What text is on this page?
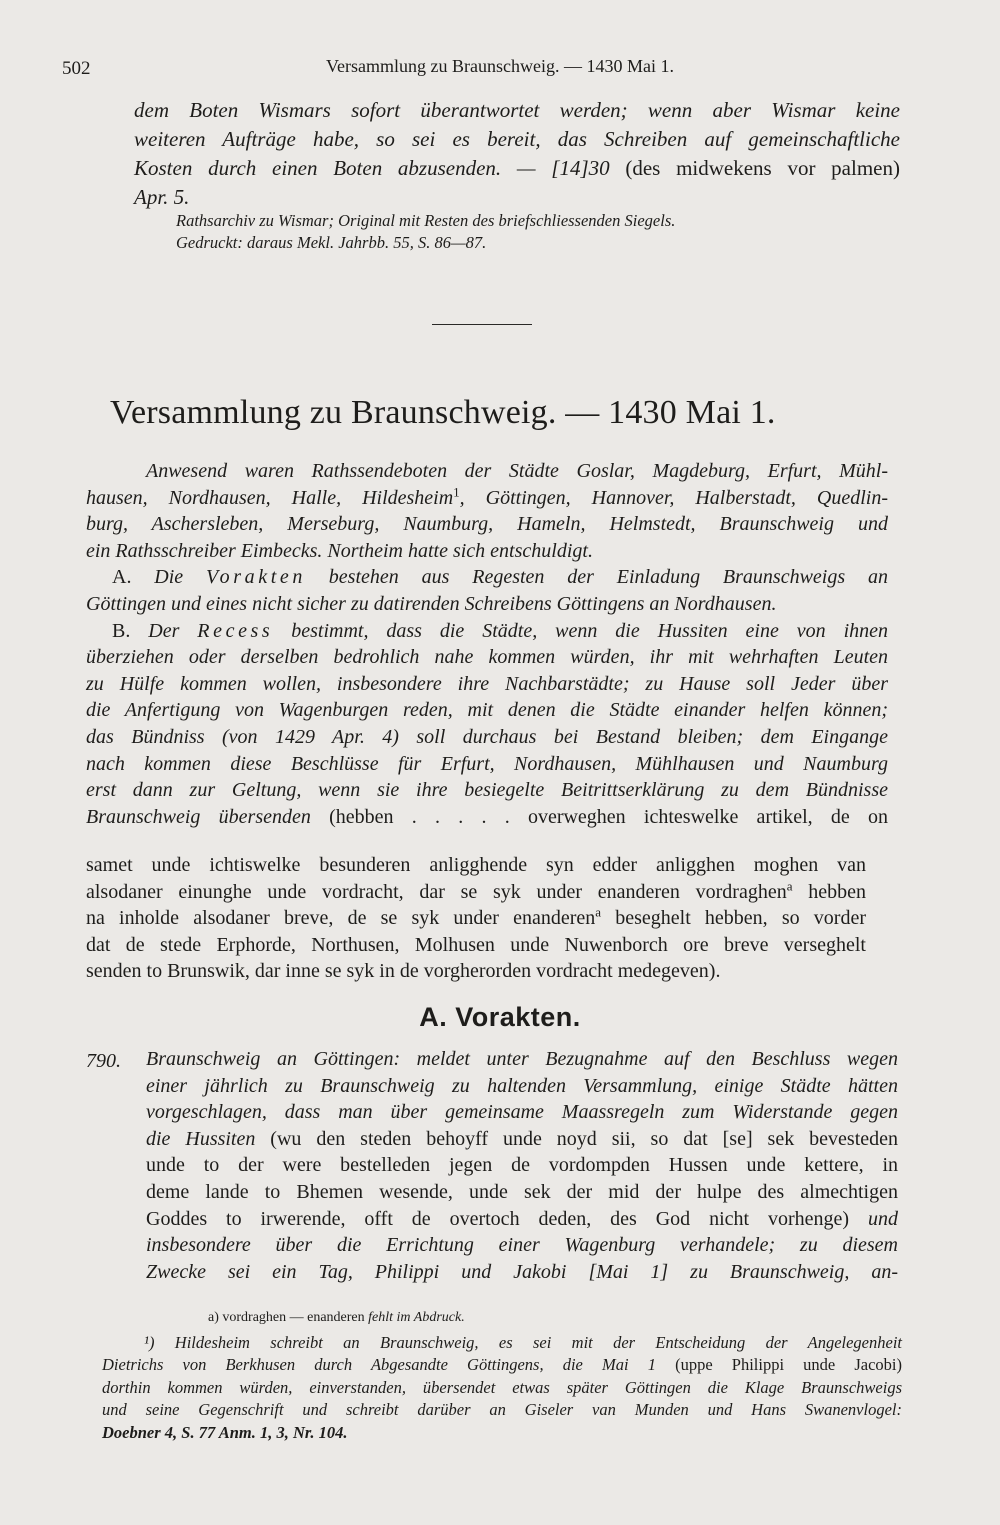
502	Versammlung zu Braunschweig. — 1430 Mai 1.
dem Boten Wismars sofort überantwortet werden; wenn aber Wismar keine
weiteren Aufträge habe, so sei es bereit, das Schreiben auf gemeinschaftliche
Kosten durch einen Boten abzusenden. — [14]30 (des midwekens vor palmen)
Apr. 5.
Rathsarchiv zu Wismar; Original mit Resten des briefschliessenden Siegels.
Gedruckt: daraus Mekl. Jahrbb. 55, S. 86—87.
Versammlung zu Braunschweig. — 1430 Mai 1.
Anwesend waren Rathssendeboten der Städte Goslar, Magdeburg, Erfurt, Mühl-
hausen, Nordhausen, Halle, Hildesheim$^1$, Göttingen, Hannover, Halberstadt, Quedlin-
burg, Aschersleben, Merseburg, Naumburg, Hameln, Helmstedt, Braunschweig und
ein Rathsschreiber Eimbecks. Northeim hatte sich entschuldigt.
A. Die Vorakten bestehen aus Regesten der Einladung Braunschweigs an
Göttingen und eines nicht sicher zu datirenden Schreibens Göttingens an Nordhausen.
B. Der Recess bestimmt, dass die Städte, wenn die Hussiten eine von ihnen
überziehen oder derselben bedrohlich nahe kommen würden, ihr mit wehrhaften Leuten
zu Hülfe kommen wollen, insbesondere ihre Nachbarstädte; zu Hause soll Jeder über
die Anfertigung von Wagenburgen reden, mit denen die Städte einander helfen können;
das Bündniss (von 1429 Apr. 4) soll durchaus bei Bestand bleiben; dem Eingange
nach kommen diese Beschlüsse für Erfurt, Nordhausen, Mühlhausen und Naumburg
erst dann zur Geltung, wenn sie ihre besiegelte Beitrittserklärung zu dem Bündnisse
Braunschweig übersenden (hebben . . . . . overweghen ichteswelke artikel, de on
samet unde ichtiswelke besunderen anligghende syn edder anligghen moghen van
alsodaner einunghe unde vordracht, dar se syk under enanderen vordraghen$^a$ hebben
na inholde alsodaner breve, de se syk under enanderen$^a$ beseghelt hebben, so vorder
dat de stede Erphorde, Northusen, Molhusen unde Nuwenborch ore breve verseghelt
senden to Brunswik, dar inne se syk in de vorgherorden vordracht medegeven).
A. Vorakten.
790. Braunschweig an Göttingen: meldet unter Bezugnahme auf den Beschluss wegen
einer jährlich zu Braunschweig zu haltenden Versammlung, einige Städte hätten
vorgeschlagen, dass man über gemeinsame Maassregeln zum Widerstande gegen
die Hussiten (wu den steden behoyff unde noyd sii, so dat [se] sek bevesteden
unde to der were bestelleden jegen de vordompden Hussen unde kettere, in
deme lande to Bhemen wesende, unde sek der mid der hulpe des almechtigen
Goddes to irwerende, offt de overtoch deden, des God nicht vorhenge) und
insbesondere über die Errichtung einer Wagenburg verhandele; zu diesem
Zwecke sei ein Tag, Philippi und Jakobi [Mai 1] zu Braunschweig, an-
a) vordraghen — enanderen fehlt im Abdruck.
¹) Hildesheim schreibt an Braunschweig, es sei mit der Entscheidung der Angelegenheit
Dietrichs von Berkhusen durch Abgesandte Göttingens, die Mai 1 (uppe Philippi unde Jacobi)
dorthin kommen würden, einverstanden, übersendet etwas später Göttingen die Klage Braunschweigs
und seine Gegenschrift und schreibt darüber an Giseler van Munden und Hans Swanenvlogel:
Doebner 4, S. 77 Anm. 1, 3, Nr. 104.
